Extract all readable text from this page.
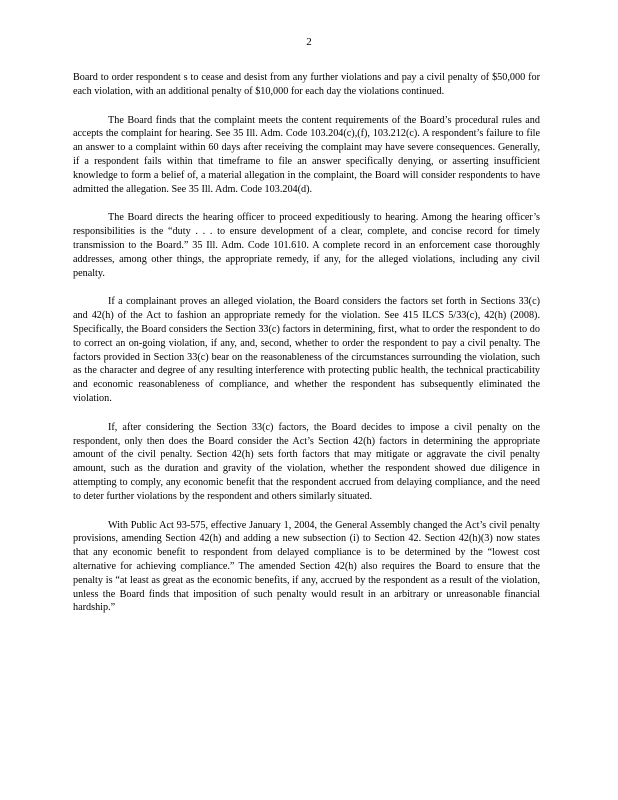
2

Board to order respondent s to cease and desist from any further violations and pay a civil penalty of $50,000 for each violation, with an additional penalty of $10,000 for each day the violations continued.

The Board finds that the complaint meets the content requirements of the Board’s procedural rules and accepts the complaint for hearing. See 35 Ill. Adm. Code 103.204(c),(f), 103.212(c). A respondent’s failure to file an answer to a complaint within 60 days after receiving the complaint may have severe consequences. Generally, if a respondent fails within that timeframe to file an answer specifically denying, or asserting insufficient knowledge to form a belief of, a material allegation in the complaint, the Board will consider respondents to have admitted the allegation. See 35 Ill. Adm. Code 103.204(d).

The Board directs the hearing officer to proceed expeditiously to hearing. Among the hearing officer’s responsibilities is the “duty . . . to ensure development of a clear, complete, and concise record for timely transmission to the Board.” 35 Ill. Adm. Code 101.610. A complete record in an enforcement case thoroughly addresses, among other things, the appropriate remedy, if any, for the alleged violations, including any civil penalty.

If a complainant proves an alleged violation, the Board considers the factors set forth in Sections 33(c) and 42(h) of the Act to fashion an appropriate remedy for the violation. See 415 ILCS 5/33(c), 42(h) (2008). Specifically, the Board considers the Section 33(c) factors in determining, first, what to order the respondent to do to correct an on-going violation, if any, and, second, whether to order the respondent to pay a civil penalty. The factors provided in Section 33(c) bear on the reasonableness of the circumstances surrounding the violation, such as the character and degree of any resulting interference with protecting public health, the technical practicability and economic reasonableness of compliance, and whether the respondent has subsequently eliminated the violation.

If, after considering the Section 33(c) factors, the Board decides to impose a civil penalty on the respondent, only then does the Board consider the Act’s Section 42(h) factors in determining the appropriate amount of the civil penalty. Section 42(h) sets forth factors that may mitigate or aggravate the civil penalty amount, such as the duration and gravity of the violation, whether the respondent showed due diligence in attempting to comply, any economic benefit that the respondent accrued from delaying compliance, and the need to deter further violations by the respondent and others similarly situated.

With Public Act 93-575, effective January 1, 2004, the General Assembly changed the Act’s civil penalty provisions, amending Section 42(h) and adding a new subsection (i) to Section 42. Section 42(h)(3) now states that any economic benefit to respondent from delayed compliance is to be determined by the “lowest cost alternative for achieving compliance.” The amended Section 42(h) also requires the Board to ensure that the penalty is “at least as great as the economic benefits, if any, accrued by the respondent as a result of the violation, unless the Board finds that imposition of such penalty would result in an arbitrary or unreasonable financial hardship.”
